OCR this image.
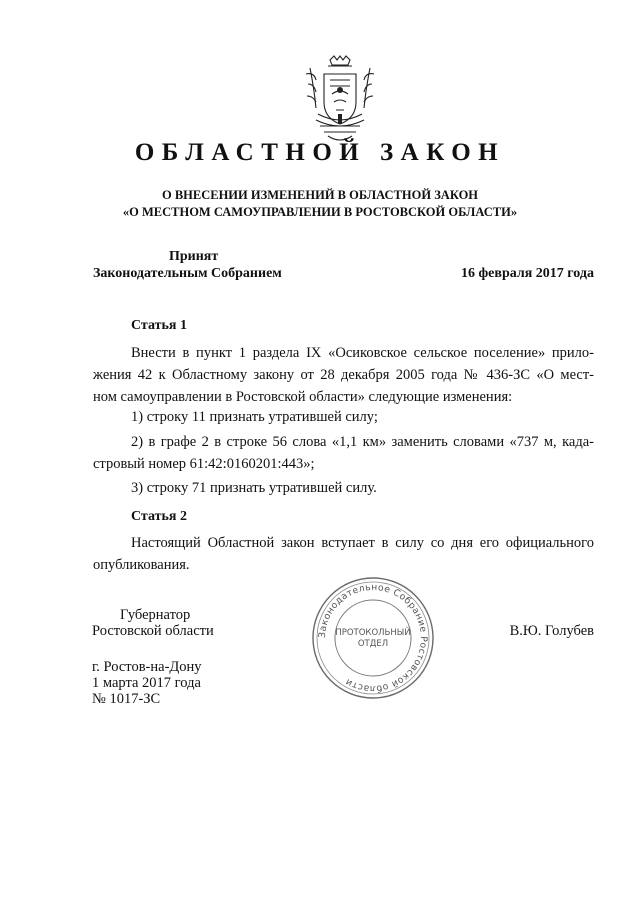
ОБЛАСТНОЙ ЗАКОН
О ВНЕСЕНИИ ИЗМЕНЕНИЙ В ОБЛАСТНОЙ ЗАКОН
«О МЕСТНОМ САМОУПРАВЛЕНИИ В РОСТОВСКОЙ ОБЛАСТИ»
Принят
Законодательным Собранием	16 февраля 2017 года
Статья 1
Внести в пункт 1 раздела IX «Осиковское сельское поселение» прило-
жения 42 к Областному закону от 28 декабря 2005 года № 436-ЗС «О мест-
ном самоуправлении в Ростовской области» следующие изменения:
1) строку 11 признать утратившей силу;
2) в графе 2 в строке 56 слова «1,1 км» заменить словами «737 м, када-
стровый номер 61:42:0160201:443»;
3) строку 71 признать утратившей силу.
Статья 2
Настоящий Областной закон вступает в силу со дня его официального
опубликования.
Губернатор
Ростовской области	В.Ю. Голубев
Законодательное Собрание Ростовской области
ПРОТОКОЛЬНЫЙ
ОТДЕЛ
г. Ростов-на-Дону
1 марта 2017 года
№ 1017-ЗС
